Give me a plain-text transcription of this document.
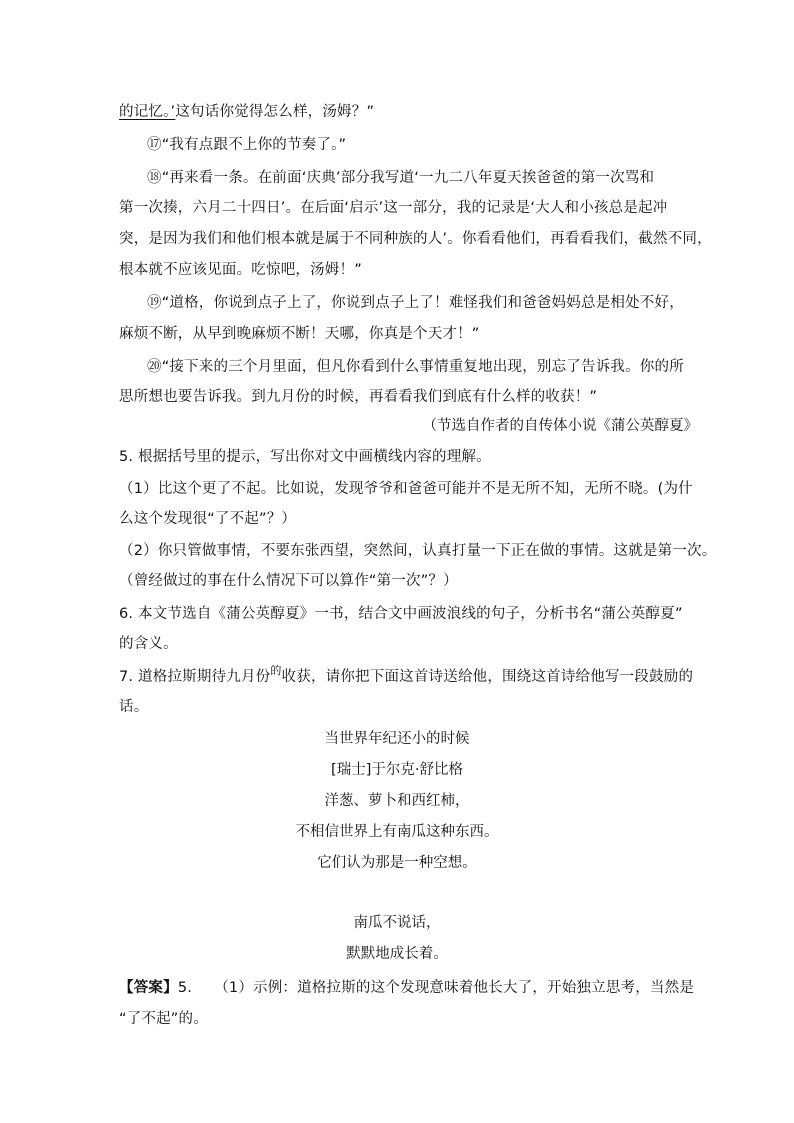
的记忆。’这句话你觉得怎么样，汤姆？”
⑰“我有点跟不上你的节奏了。”
⑱“再来看一条。在前面‘庆典’部分我写道‘一九二八年夏天挨爸爸的第一次骂和
第一次揍，六月二十四日’。在后面‘启示’这一部分，我的记录是‘大人和小孩总是起冲
突，是因为我们和他们根本就是属于不同种族的人’。你看看他们，再看看我们，截然不同，
根本就不应该见面。吃惊吧，汤姆！”
⑲“道格，你说到点子上了，你说到点子上了！难怪我们和爸爸妈妈总是相处不好，
麻烦不断，从早到晚麻烦不断！天哪，你真是个天才！”
⑳“接下来的三个月里面，但凡你看到什么事情重复地出现，别忘了告诉我。你的所
思所想也要告诉我。到九月份的时候，再看看我们到底有什么样的收获！”
（节选自作者的自传体小说《蒲公英醇夏》
5. 根据括号里的提示，写出你对文中画横线内容的理解。
（1）比这个更了不起。比如说，发现爷爷和爸爸可能并不是无所不知，无所不晓。(为什
么这个发现很“了不起”？）
（2）你只管做事情，不要东张西望，突然间，认真打量一下正在做的事情。这就是第一次。
（曾经做过的事在什么情况下可以算作“第一次”？）
6. 本文节选自《蒲公英醇夏》一书，结合文中画波浪线的句子，分析书名“蒲公英醇夏”
的含义。
7. 道格拉斯期待九月份$^的$收获，请你把下面这首诗送给他，围绕这首诗给他写一段鼓励的
话。
当世界年纪还小的时候
[瑞士]于尔克·舒比格
洋葱、萝卜和西红柿，
不相信世界上有南瓜这种东西。
它们认为那是一种空想。
南瓜不说话，
默默地成长着。
【答案】5.　　（1）示例：道格拉斯的这个发现意味着他长大了，开始独立思考，当然是
“了不起”的。
